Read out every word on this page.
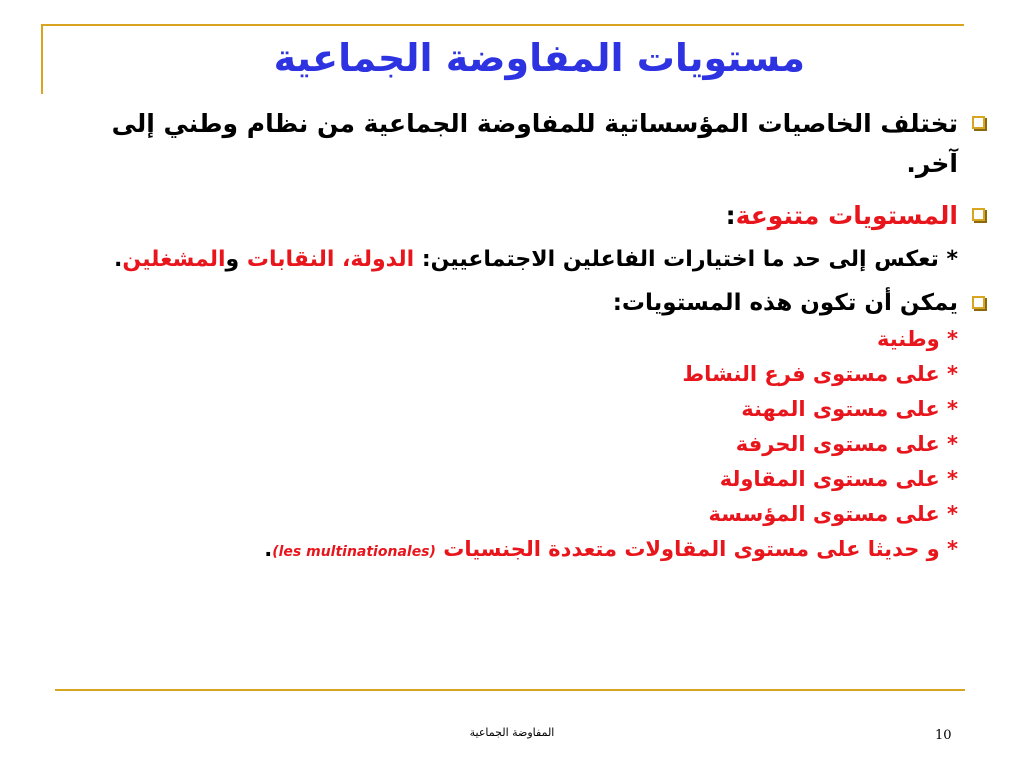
مستويات المفاوضة الجماعية
تختلف الخاصيات المؤسساتية للمفاوضة الجماعية من نظام وطني إلى آخر.
المستويات متنوعة:
* تعكس إلى حد ما اختيارات الفاعلين الاجتماعيين: الدولة، النقابات والمشغلين.
يمكن أن تكون هذه المستويات:
* وطنية
* على مستوى فرع النشاط
* على مستوى المهنة
* على مستوى الحرفة
* على مستوى المقاولة
* على مستوى المؤسسة
* و حديثا على مستوى المقاولات متعددة الجنسيات (les multinationales).
المفاوضة الجماعية	10
